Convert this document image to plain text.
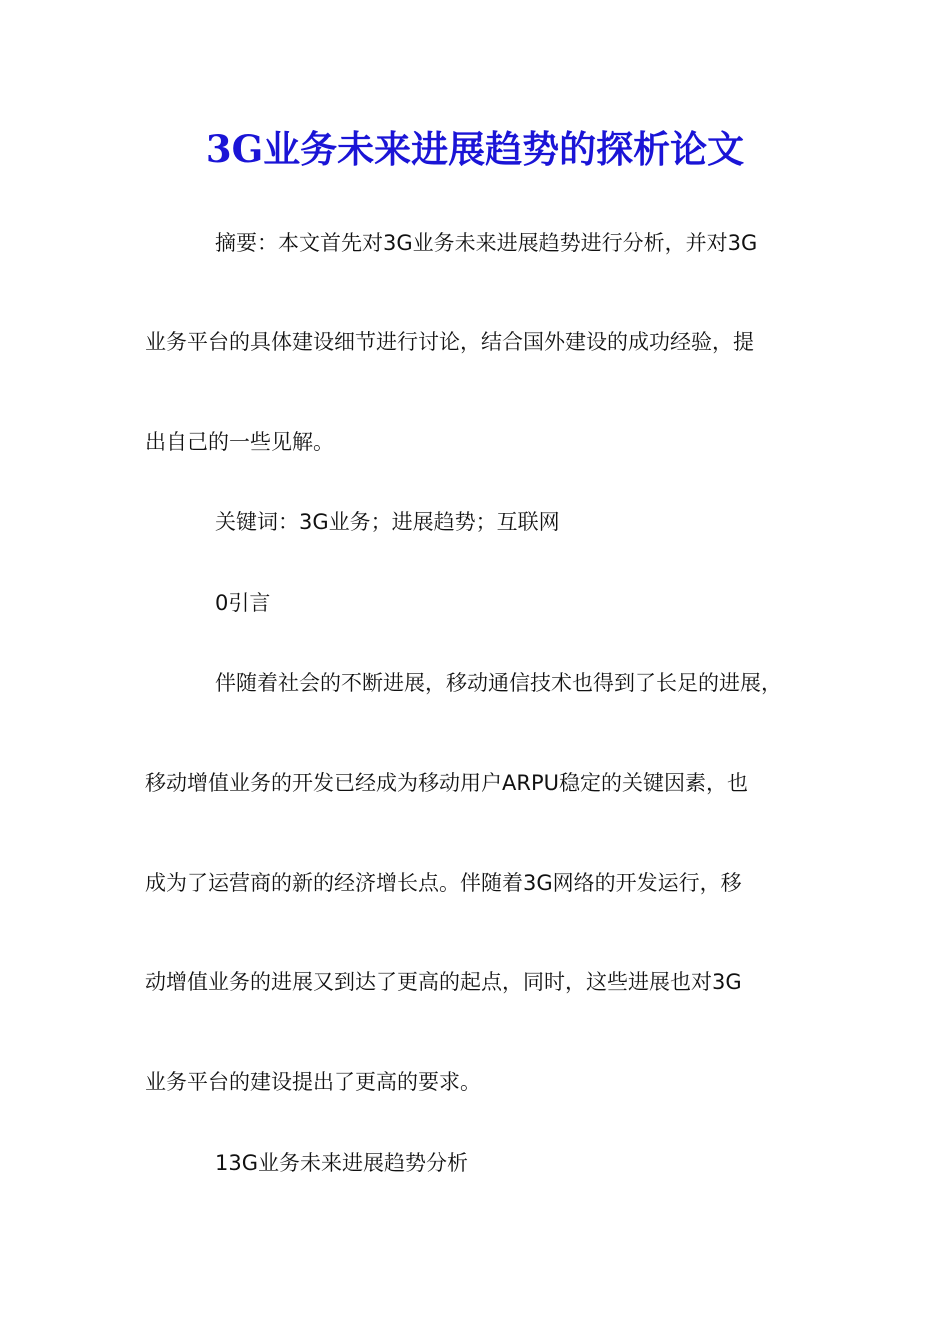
3G业务未来进展趋势的探析论文
摘要：本文首先对3G业务未来进展趋势进行分析，并对3G
业务平台的具体建设细节进行讨论，结合国外建设的成功经验，提
出自己的一些见解。
关键词：3G业务；进展趋势；互联网
0引言
伴随着社会的不断进展，移动通信技术也得到了长足的进展，
移动增值业务的开发已经成为移动用户ARPU稳定的关键因素，也
成为了运营商的新的经济增长点。伴随着3G网络的开发运行，移
动增值业务的进展又到达了更高的起点，同时，这些进展也对3G
业务平台的建设提出了更高的要求。
13G业务未来进展趋势分析
